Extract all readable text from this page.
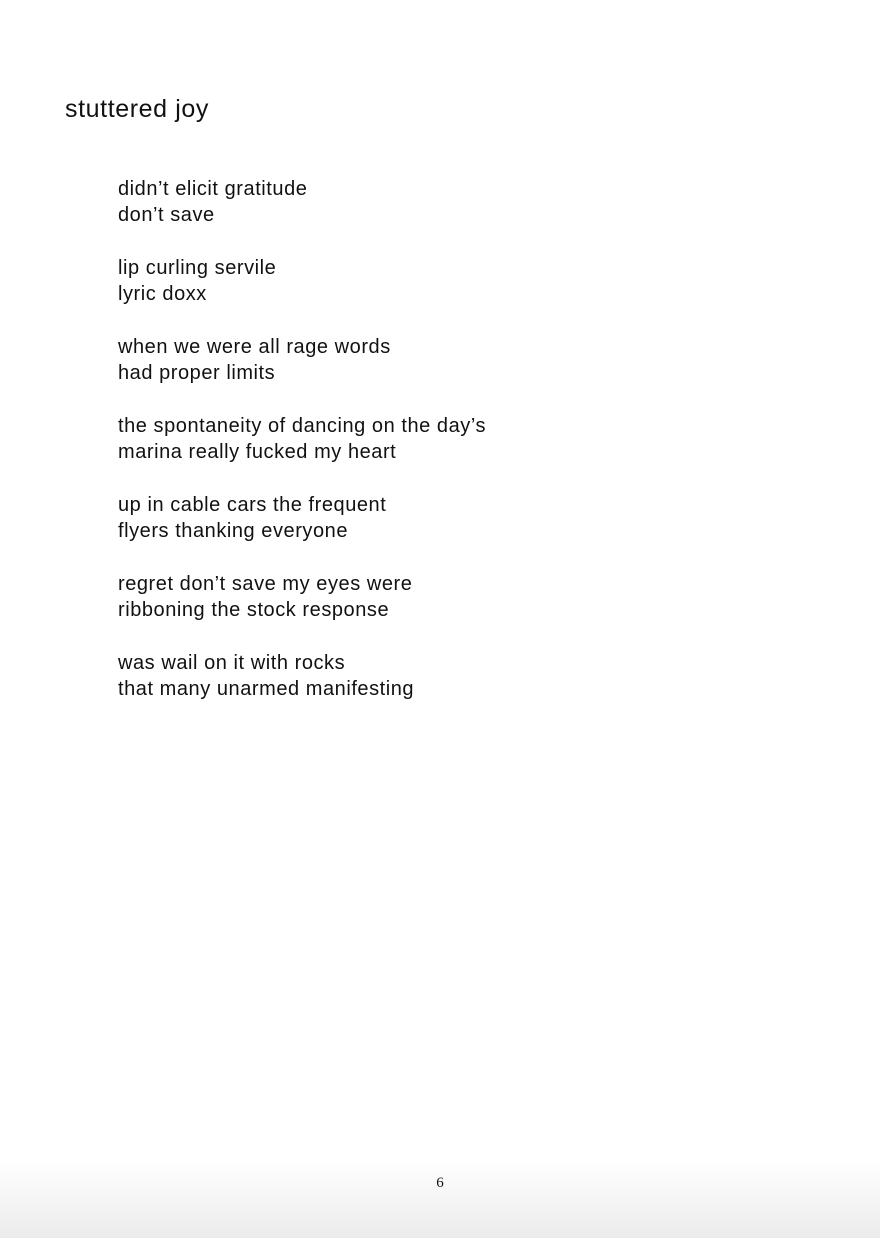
stuttered joy
didn’t elicit gratitude
don’t save
lip curling servile
lyric doxx
when we were all rage words
had proper limits
the spontaneity of dancing on the day’s
marina really fucked my heart
up in cable cars the frequent
flyers thanking everyone
regret don’t save my eyes were
ribboning the stock response
was wail on it with rocks
that many unarmed manifesting
6
